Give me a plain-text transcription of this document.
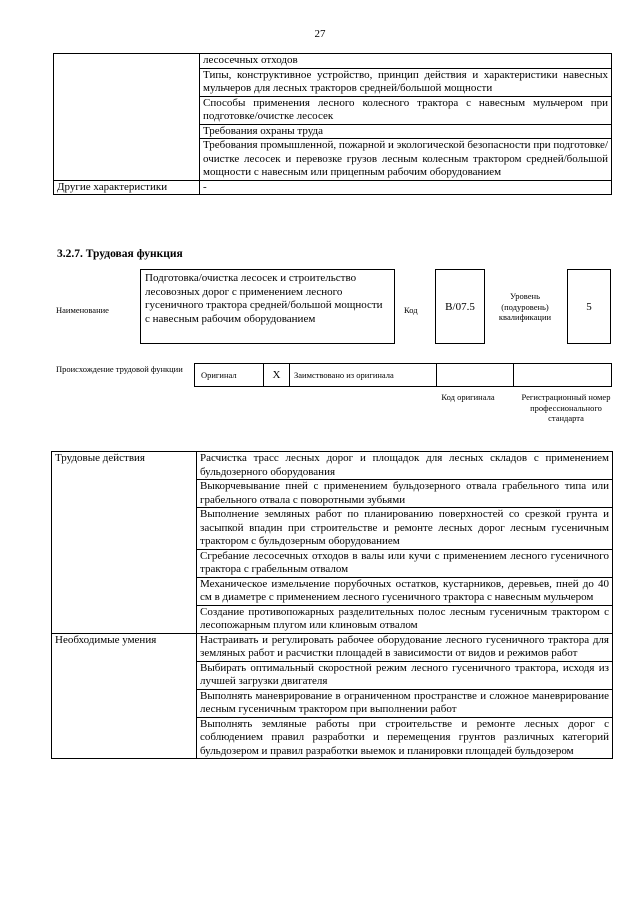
27
	лесосечных отходов
	Типы, конструктивное устройство, принцип действия и характеристики навесных мульчеров для лесных тракторов средней/большой мощности
	Способы применения лесного колесного трактора с навесным мульчером при подготовке/очистке лесосек
	Требования охраны труда
	Требования промышленной, пожарной и экологической безопасности при подготовке/очистке лесосек и перевозке грузов лесным колесным трактором средней/большой мощности с навесным или прицепным рабочим оборудованием
Другие характеристики	-
3.2.7. Трудовая функция
Наименование
Подготовка/очистка лесосек и строительство лесовозных дорог с применением лесного гусеничного трактора средней/большой мощности с навесным рабочим оборудованием
Код	B/07.5
Уровень (подуровень) квалификации
5
Происхождение трудовой функции
Оригинал	X	Заимствовано из оригинала
Код оригинала	Регистрационный номер профессионального стандарта
Трудовые действия	Расчистка трасс лесных дорог и площадок для лесных складов с применением бульдозерного оборудования
	Выкорчевывание пней с применением бульдозерного отвала грабельного типа или грабельного отвала с поворотными зубьями
	Выполнение земляных работ по планированию поверхностей со срезкой грунта и засыпкой впадин при строительстве и ремонте лесных дорог лесным гусеничным трактором с бульдозерным оборудованием
	Сгребание лесосечных отходов в валы или кучи с применением лесного гусеничного трактора с грабельным отвалом
	Механическое измельчение порубочных остатков, кустарников, деревьев, пней до 40 см в диаметре с применением лесного гусеничного трактора с навесным мульчером
	Создание противопожарных разделительных полос лесным гусеничным трактором с лесопожарным плугом или клиновым отвалом
Необходимые умения	Настраивать и регулировать рабочее оборудование лесного гусеничного трактора для земляных работ и расчистки площадей в зависимости от видов и режимов работ
	Выбирать оптимальный скоростной режим лесного гусеничного трактора, исходя из лучшей загрузки двигателя
	Выполнять маневрирование в ограниченном пространстве и сложное маневрирование лесным гусеничным трактором при выполнении работ
	Выполнять земляные работы при строительстве и ремонте лесных дорог с соблюдением правил разработки и перемещения грунтов различных категорий бульдозером и правил разработки выемок и планировки площадей бульдозером
